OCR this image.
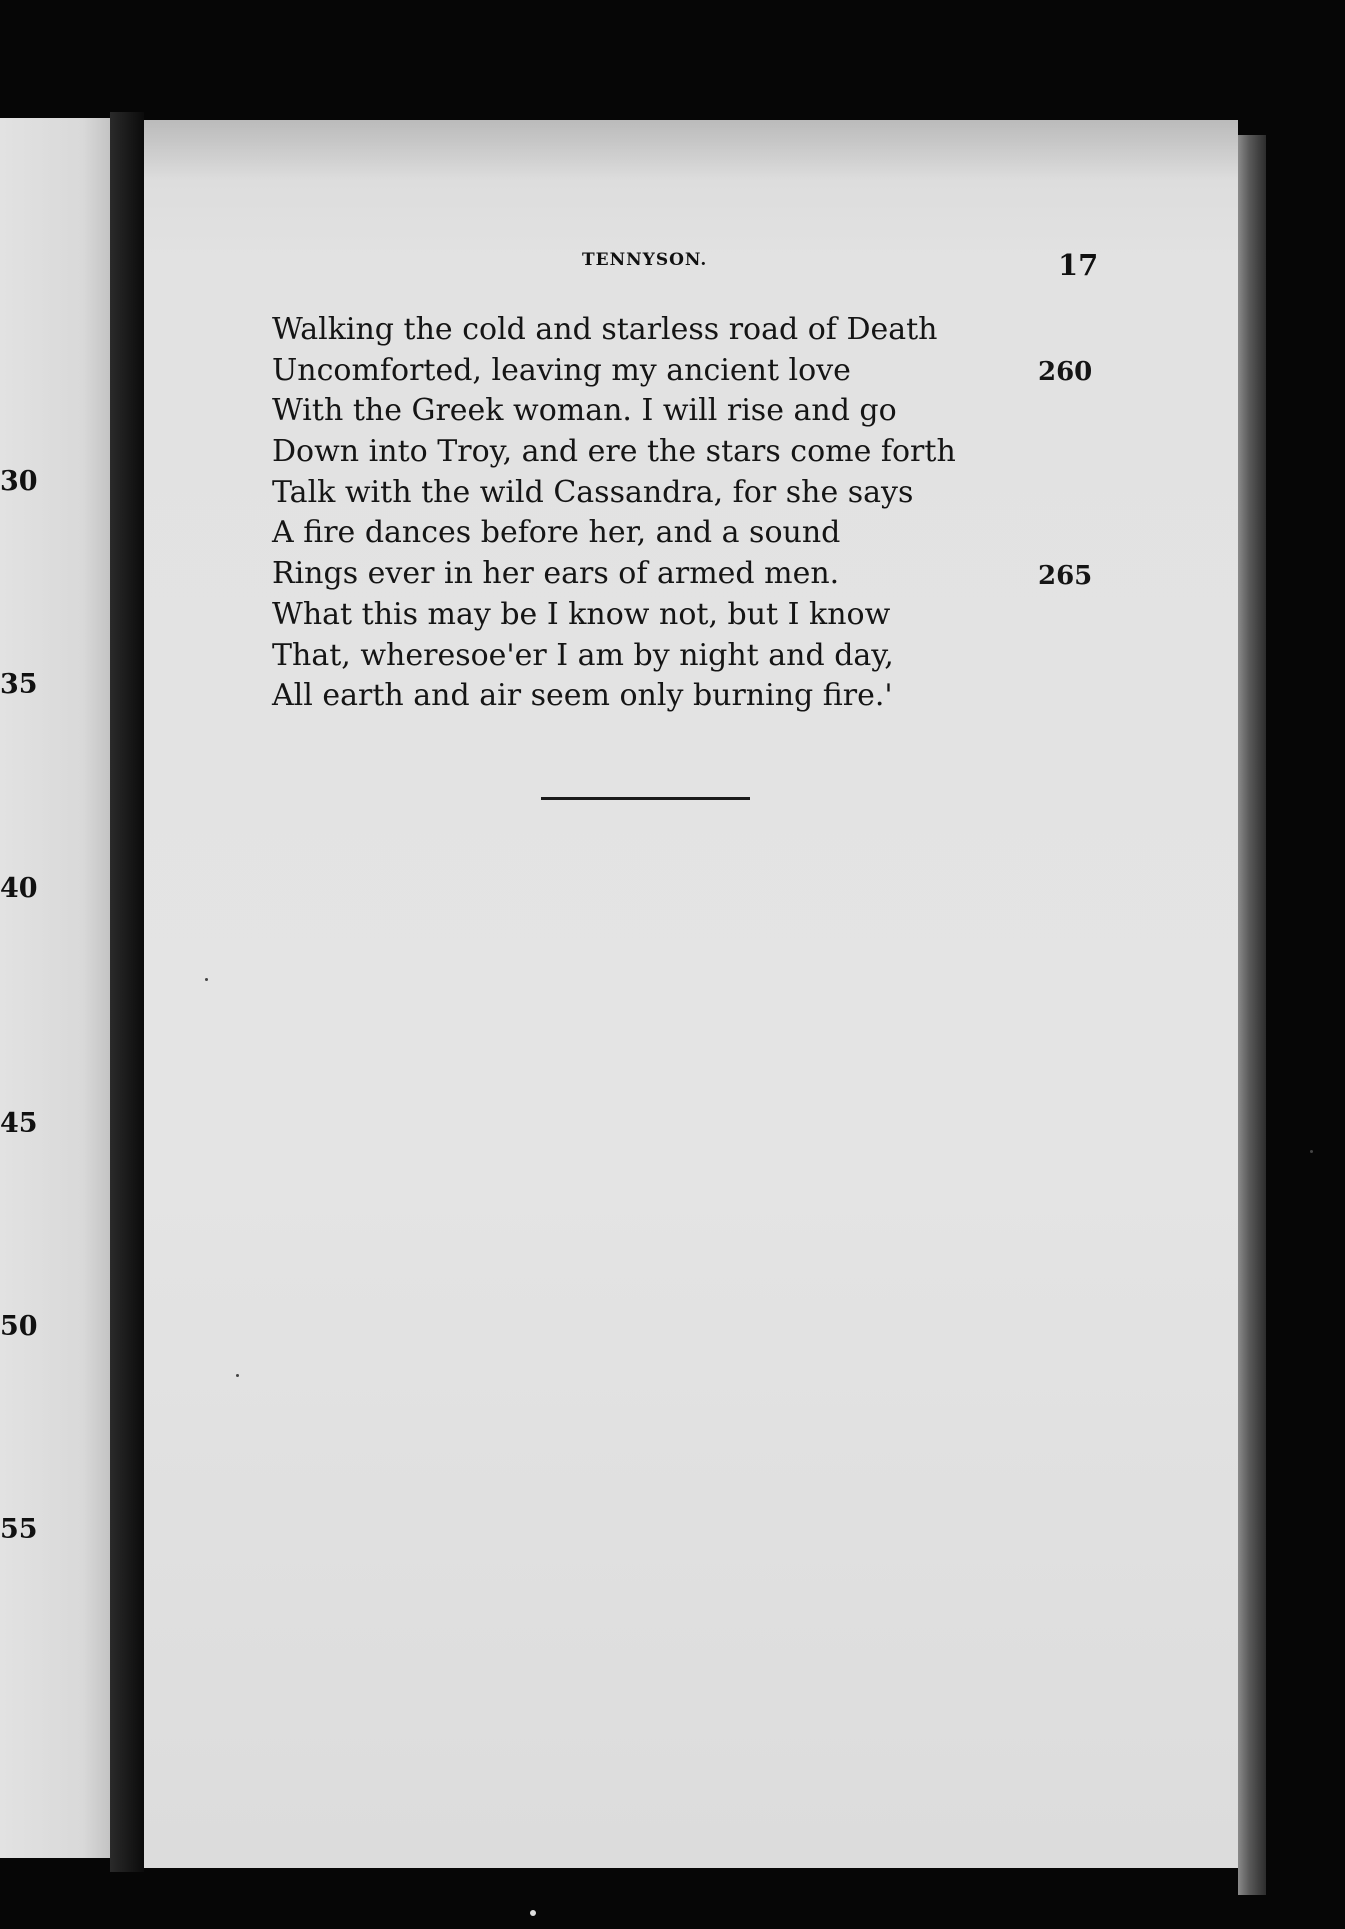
30
35
40
45
50
55
TENNYSON.	17
Walking the cold and starless road of Death
Uncomforted, leaving my ancient love
With the Greek woman. I will rise and go
Down into Troy, and ere the stars come forth
Talk with the wild Cassandra, for she says
A fire dances before her, and a sound
Rings ever in her ears of armed men.
What this may be I know not, but I know
That, wheresoe'er I am by night and day,
All earth and air seem only burning fire.'
260
265
